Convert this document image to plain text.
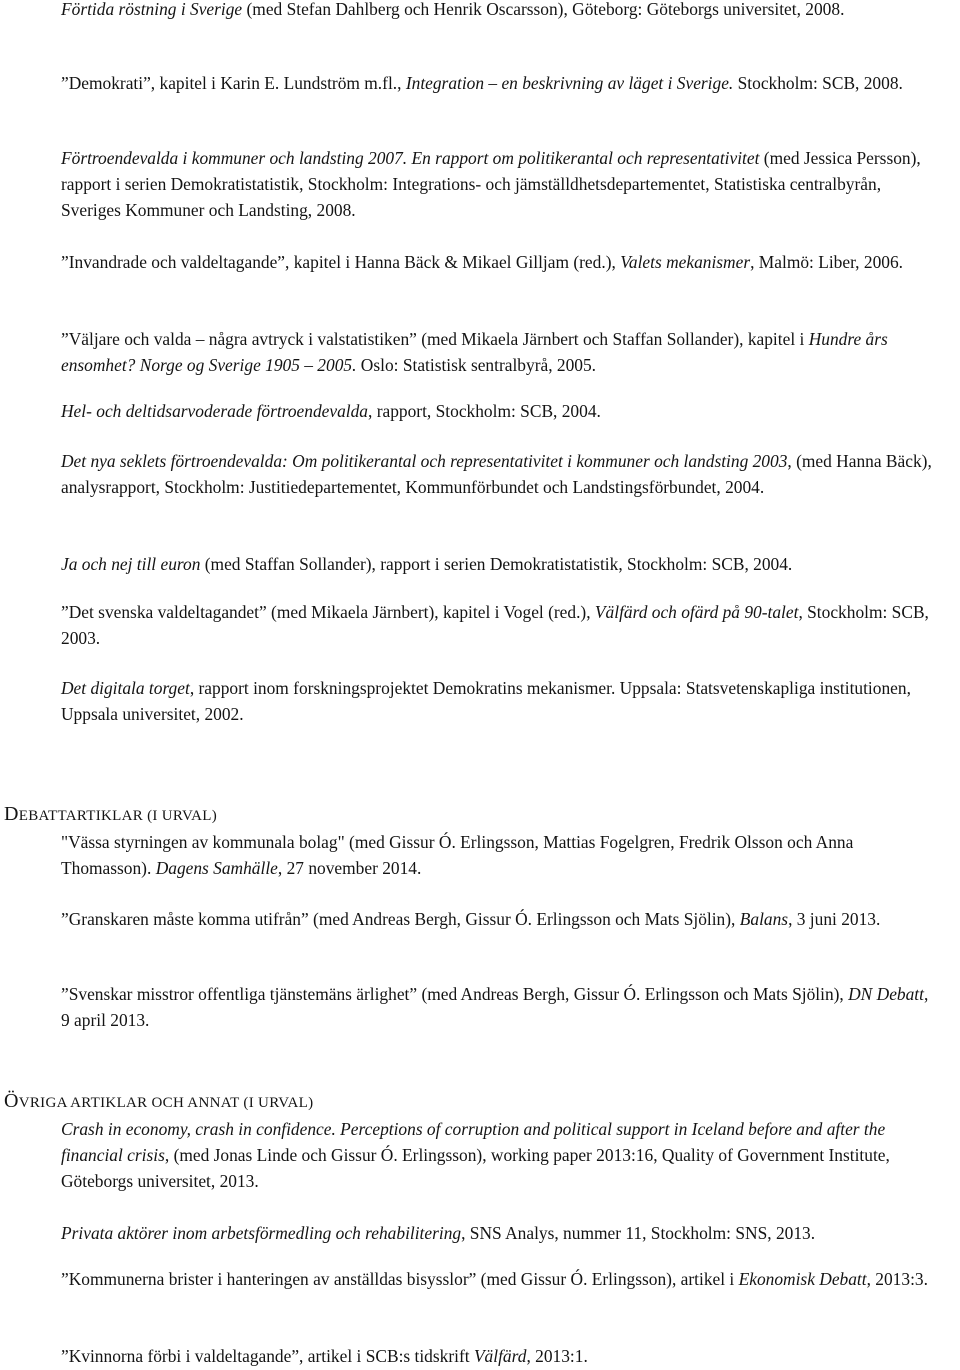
Förtida röstning i Sverige (med Stefan Dahlberg och Henrik Oscarsson), Göteborg: Göteborgs universitet, 2008.

”Demokrati”, kapitel i Karin E. Lundström m.fl., Integration – en beskrivning av läget i Sverige. Stockholm: SCB, 2008.

Förtroendevalda i kommuner och landsting 2007. En rapport om politikerantal och representativitet (med Jessica Persson), rapport i serien Demokratistatistik, Stockholm: Integrations- och jämställdhetsdepartementet, Statistiska centralbyrån, Sveriges Kommuner och Landsting, 2008.

”Invandrade och valdeltagande”, kapitel i Hanna Bäck & Mikael Gilljam (red.), Valets mekanismer, Malmö: Liber, 2006.

”Väljare och valda – några avtryck i valstatistiken” (med Mikaela Järnbert och Staffan Sollander), kapitel i Hundre års ensomhet? Norge og Sverige 1905 – 2005. Oslo: Statistisk sentralbyrå, 2005.

Hel- och deltidsarvoderade förtroendevalda, rapport, Stockholm: SCB, 2004.

Det nya seklets förtroendevalda: Om politikerantal och representativitet i kommuner och landsting 2003, (med Hanna Bäck), analysrapport, Stockholm: Justitiedepartementet, Kommunförbundet och Landstingsförbundet, 2004.

Ja och nej till euron (med Staffan Sollander), rapport i serien Demokratistatistik, Stockholm: SCB, 2004.

”Det svenska valdeltagandet” (med Mikaela Järnbert), kapitel i Vogel (red.), Välfärd och ofärd på 90-talet, Stockholm: SCB, 2003.

Det digitala torget, rapport inom forskningsprojektet Demokratins mekanismer. Uppsala: Statsvetenskapliga institutionen, Uppsala universitet, 2002.

DEBATTARTIKLAR (I URVAL)

"Vässa styrningen av kommunala bolag" (med Gissur Ó. Erlingsson, Mattias Fogelgren, Fredrik Olsson och Anna Thomasson). Dagens Samhälle, 27 november 2014.

”Granskaren måste komma utifrån” (med Andreas Bergh, Gissur Ó. Erlingsson och Mats Sjölin), Balans, 3 juni 2013.

”Svenskar misstror offentliga tjänstemäns ärlighet” (med Andreas Bergh, Gissur Ó. Erlingsson och Mats Sjölin), DN Debatt, 9 april 2013.

ÖVRIGA ARTIKLAR OCH ANNAT (I URVAL)

Crash in economy, crash in confidence. Perceptions of corruption and political support in Iceland before and after the financial crisis, (med Jonas Linde och Gissur Ó. Erlingsson), working paper 2013:16, Quality of Government Institute, Göteborgs universitet, 2013.

Privata aktörer inom arbetsförmedling och rehabilitering, SNS Analys, nummer 11, Stockholm: SNS, 2013.

”Kommunerna brister i hanteringen av anställdas bisysslor” (med Gissur Ó. Erlingsson), artikel i Ekonomisk Debatt, 2013:3.

”Kvinnorna förbi i valdeltagande”, artikel i SCB:s tidskrift Välfärd, 2013:1.
